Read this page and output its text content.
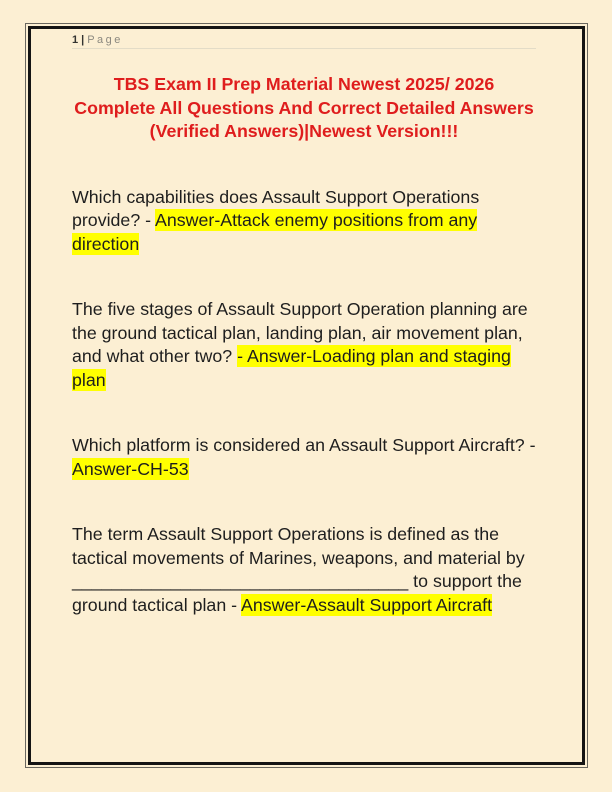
1 | Page
TBS Exam II Prep Material Newest 2025/ 2026
Complete All Questions And Correct Detailed Answers
(Verified Answers)|Newest Version!!!

Which capabilities does Assault Support Operations provide? - Answer-Attack enemy positions from any direction

The five stages of Assault Support Operation planning are the ground tactical plan, landing plan, air movement plan, and what other two? - Answer-Loading plan and staging plan

Which platform is considered an Assault Support Aircraft? - Answer-CH-53

The term Assault Support Operations is defined as the tactical movements of Marines, weapons, and material by __________________________________ to support the ground tactical plan - Answer-Assault Support Aircraft
